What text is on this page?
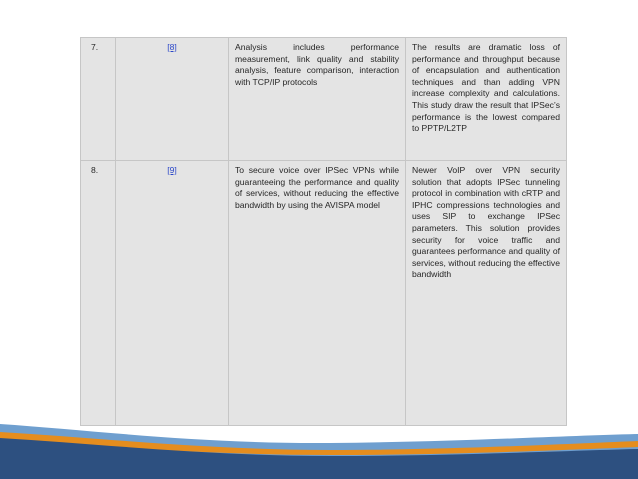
7.	[8]	Analysis includes performance measurement, link quality and stability analysis, feature comparison, interaction with TCP/IP protocols	The results are dramatic loss of performance and throughput because of encapsulation and authentication techniques and than adding VPN increase complexity and calculations. This study draw the result that IPSec’s performance is the lowest compared to PPTP/L2TP
8.	[9]	To secure voice over IPSec VPNs while guaranteeing the performance and quality of services, without reducing the effective bandwidth by using the AVISPA model	Newer VoIP over VPN security solution that adopts IPSec tunneling protocol in combination with cRTP and IPHC compressions technologies and uses SIP to exchange IPSec parameters. This solution provides security for voice traffic and guarantees performance and quality of services, without reducing the effective bandwidth
